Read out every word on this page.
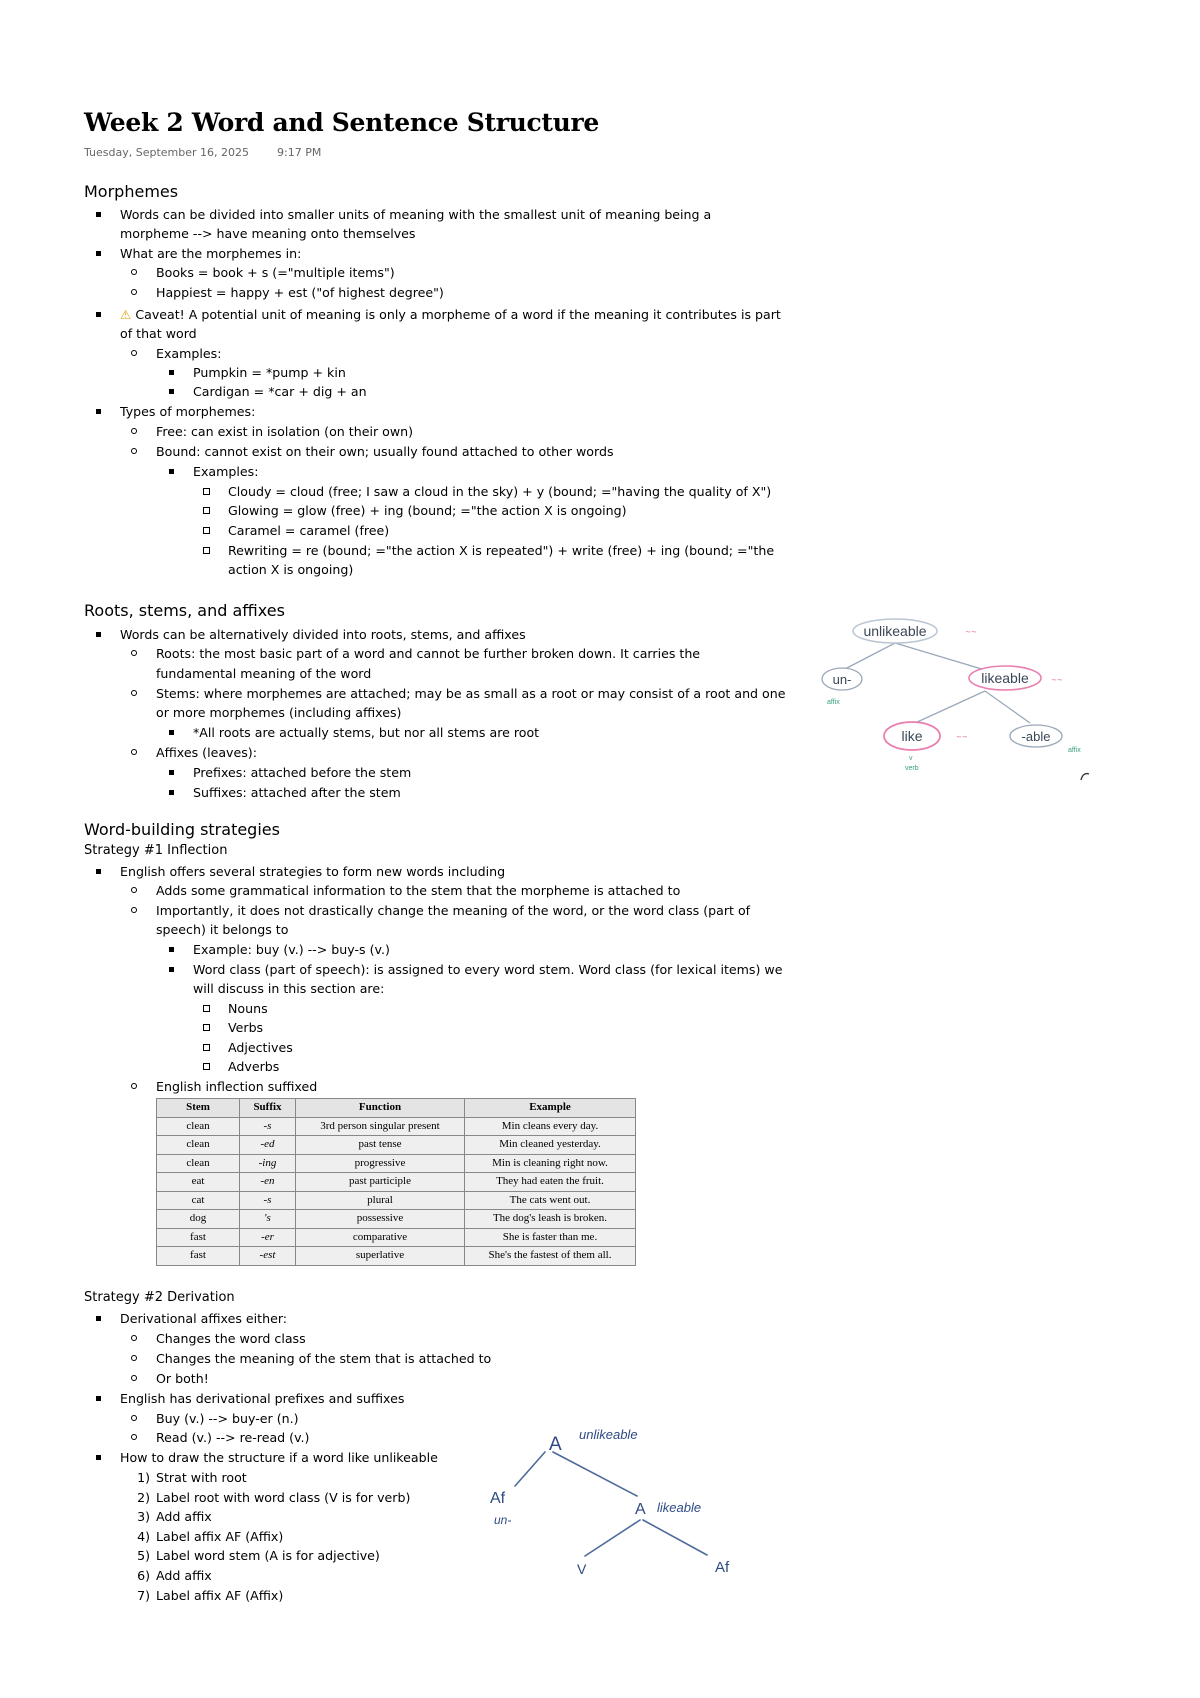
Week 2 Word and Sentence Structure
Tuesday, September 16, 2025	9:17 PM
Morphemes
Words can be divided into smaller units of meaning with the smallest unit of meaning being a
morpheme --> have meaning onto themselves
What are the morphemes in:
Books = book + s (="multiple items")
Happiest = happy + est ("of highest degree")
⚠ Caveat! A potential unit of meaning is only a morpheme of a word if the meaning it contributes is part
of that word
Examples:
Pumpkin = *pump + kin
Cardigan = *car + dig + an
Types of morphemes:
Free: can exist in isolation (on their own)
Bound: cannot exist on their own; usually found attached to other words
Examples:
Cloudy = cloud (free; I saw a cloud in the sky) + y (bound; ="having the quality of X")
Glowing = glow (free) + ing (bound; ="the action X is ongoing)
Caramel = caramel (free)
Rewriting = re (bound; ="the action X is repeated") + write (free) + ing (bound; ="the
action X is ongoing)
Roots, stems, and affixes
Words can be alternatively divided into roots, stems, and affixes
Roots: the most basic part of a word and cannot be further broken down. It carries the
fundamental meaning of the word
Stems: where morphemes are attached; may be as small as a root or may consist of a root and one
or more morphemes (including affixes)
*All roots are actually stems, but nor all stems are root
Affixes (leaves):
Prefixes: attached before the stem
Suffixes: attached after the stem
unlikeable	∼∼
un-
affix
likeable	∼∼
like	∼∼
v
verb
-able
affix
Word-building strategies
Strategy #1 Inflection
English offers several strategies to form new words including
Adds some grammatical information to the stem that the morpheme is attached to
Importantly, it does not drastically change the meaning of the word, or the word class (part of
speech) it belongs to
Example: buy (v.) --> buy-s (v.)
Word class (part of speech): is assigned to every word stem. Word class (for lexical items) we
will discuss in this section are:
Nouns
Verbs
Adjectives
Adverbs
English inflection suffixed
Stem	Suffix	Function	Example
clean	-s	3rd person singular present	Min cleans every day.
clean	-ed	past tense	Min cleaned yesterday.
clean	-ing	progressive	Min is cleaning right now.
eat	-en	past participle	They had eaten the fruit.
cat	-s	plural	The cats went out.
dog	's	possessive	The dog's leash is broken.
fast	-er	comparative	She is faster than me.
fast	-est	superlative	She's the fastest of them all.
Strategy #2 Derivation
Derivational affixes either:
Changes the word class
Changes the meaning of the stem that is attached to
Or both!
English has derivational prefixes and suffixes
Buy (v.) --> buy-er (n.)
Read (v.) --> re-read (v.)
How to draw the structure if a word like unlikeable
1) Strat with root
2) Label root with word class (V is for verb)
3) Add affix
4) Label affix AF (Affix)
5) Label word stem (A is for adjective)
6) Add affix
7) Label affix AF (Affix)
A unlikeable
Af
un-
A likeable
V	Af
